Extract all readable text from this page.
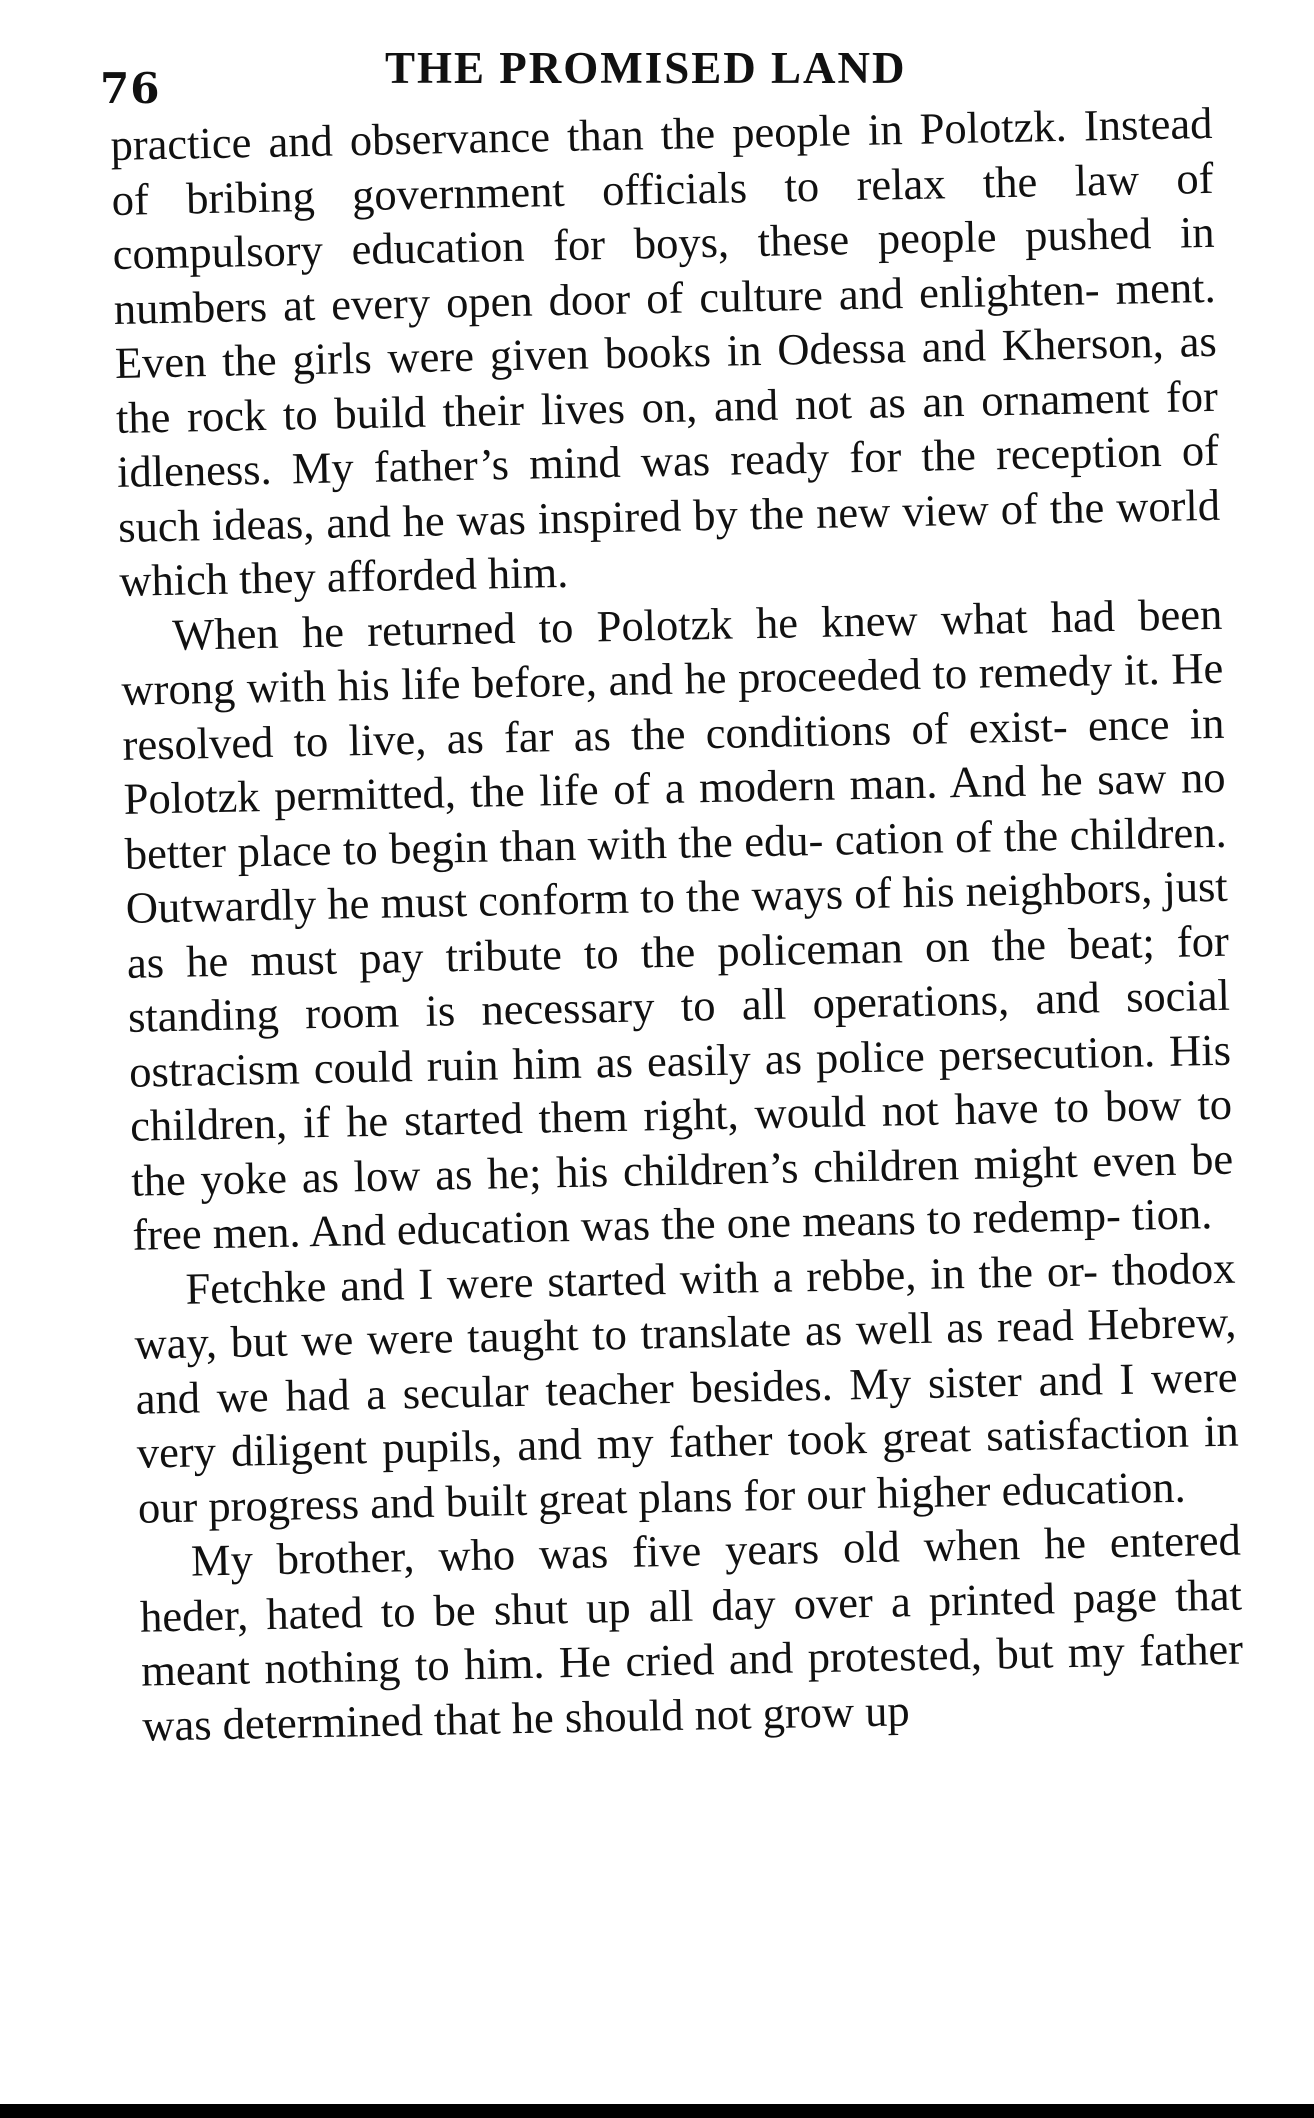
76	THE PROMISED LAND

practice and observance than the people in Polotzk. Instead of bribing government officials to relax the law of compulsory education for boys, these people pushed in numbers at every open door of culture and enlighten- ment. Even the girls were given books in Odessa and Kherson, as the rock to build their lives on, and not as an ornament for idleness. My father’s mind was ready for the reception of such ideas, and he was inspired by the new view of the world which they afforded him.

When he returned to Polotzk he knew what had been wrong with his life before, and he proceeded to remedy it. He resolved to live, as far as the conditions of exist- ence in Polotzk permitted, the life of a modern man. And he saw no better place to begin than with the edu- cation of the children. Outwardly he must conform to the ways of his neighbors, just as he must pay tribute to the policeman on the beat; for standing room is necessary to all operations, and social ostracism could ruin him as easily as police persecution. His children, if he started them right, would not have to bow to the yoke as low as he; his children’s children might even be free men. And education was the one means to redemp- tion.

Fetchke and I were started with a rebbe, in the or- thodox way, but we were taught to translate as well as read Hebrew, and we had a secular teacher besides. My sister and I were very diligent pupils, and my father took great satisfaction in our progress and built great plans for our higher education.

My brother, who was five years old when he entered heder, hated to be shut up all day over a printed page that meant nothing to him. He cried and protested, but my father was determined that he should not grow up
